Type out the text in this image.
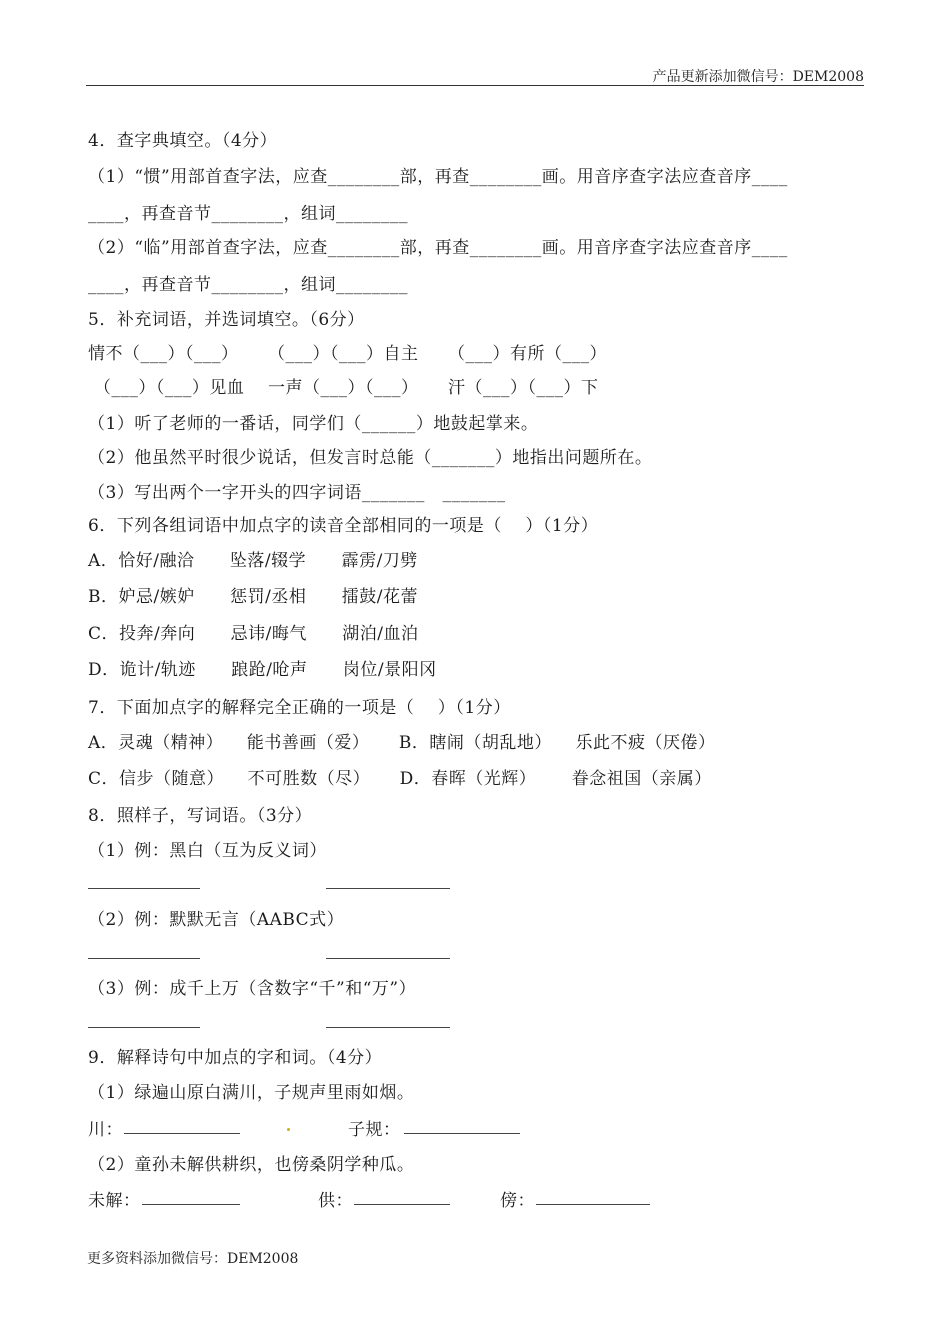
产品更新添加微信号：DEM2008
4．查字典填空。（4分）
（1）“惯”用部首查字法，应查________部，再查________画。用音序查字法应查音序____
____，再查音节________，组词________
（2）“临”用部首查字法，应查________部，再查________画。用音序查字法应查音序____
____，再查音节________，组词________
5．补充词语，并选词填空。（6分）
情不（___）（___）     （___）（___）自主     （___）有所（___）
（___）（___）见血    一声（___）（___）     汗（___）（___）下
（1）听了老师的一番话，同学们（______）地鼓起掌来。
（2）他虽然平时很少说话，但发言时总能（_______）地指出问题所在。
（3）写出两个一字开头的四字词语_______   _______
6．下列各组词语中加点字的读音全部相同的一项是（    ）（1分）
A．恰好/融洽      坠落/辍学      霹雳/刀劈
B．妒忌/嫉妒      惩罚/丞相      擂鼓/花蕾
C．投奔/奔向      忌讳/晦气      湖泊/血泊
D．诡计/轨迹      踉跄/呛声      岗位/景阳冈
7．下面加点字的解释完全正确的一项是（    ）（1分）
A．灵魂（精神）    能书善画（爱）     B．瞎闹（胡乱地）    乐此不疲（厌倦）
C．信步（随意）    不可胜数（尽）     D．春晖（光辉）      眷念祖国（亲属）
8．照样子，写词语。（3分）
（1）例：黑白（互为反义词）
（2）例：默默无言（AABC式）
（3）例：成千上万（含数字“千”和“万”）
9．解释诗句中加点的字和词。（4分）
（1）绿遍山原白满川，子规声里雨如烟。
川：	子规：
（2）童孙未解供耕织，也傍桑阴学种瓜。
未解：	供：	傍：
更多资料添加微信号：DEM2008
